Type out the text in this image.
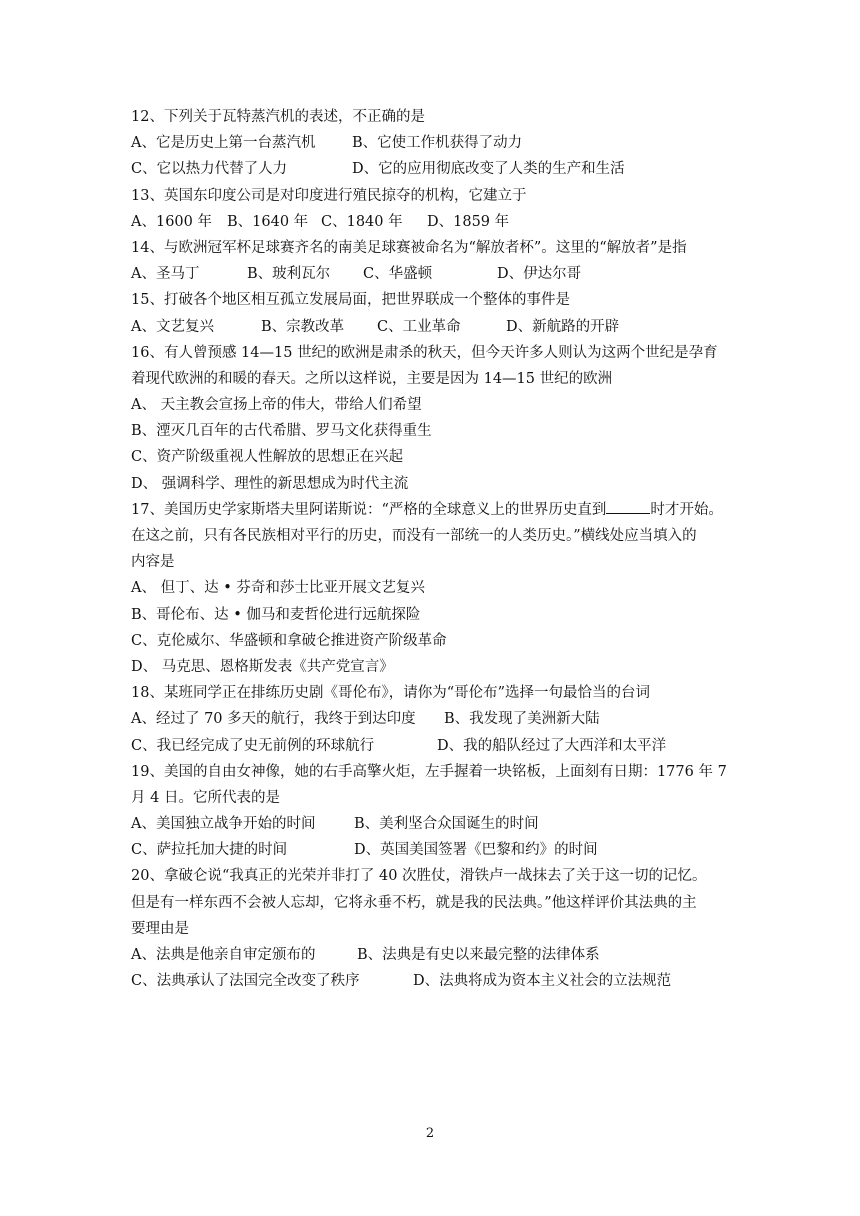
12、下列关于瓦特蒸汽机的表述，不正确的是
A、它是历史上第一台蒸汽机	B、它使工作机获得了动力
C、它以热力代替了人力	D、它的应用彻底改变了人类的生产和生活
13、英国东印度公司是对印度进行殖民掠夺的机构，它建立于
A、1600 年	B、1640 年 C、1840 年	D、1859 年
14、与欧洲冠军杯足球赛齐名的南美足球赛被命名为“解放者杯”。这里的“解放者”是指
A、圣马丁	B、玻利瓦尔	C、华盛顿	D、伊达尔哥
15、打破各个地区相互孤立发展局面，把世界联成一个整体的事件是
A、文艺复兴	B、宗教改革	C、工业革命	D、新航路的开辟
16、有人曾预感 14—15 世纪的欧洲是肃杀的秋天，但今天许多人则认为这两个世纪是孕育
着现代欧洲的和暖的春天。之所以这样说，主要是因为 14—15 世纪的欧洲
A、 天主教会宣扬上帝的伟大，带给人们希望
B、湮灭几百年的古代希腊、罗马文化获得重生
C、资产阶级重视人性解放的思想正在兴起
D、 强调科学、理性的新思想成为时代主流
17、美国历史学家斯塔夫里阿诺斯说：“严格的全球意义上的世界历史直到	时才开始。
在这之前，只有各民族相对平行的历史，而没有一部统一的人类历史。”横线处应当填入的
内容是
A、 但丁、达 • 芬奇和莎士比亚开展文艺复兴
B、哥伦布、达 • 伽马和麦哲伦进行远航探险
C、克伦威尔、华盛顿和拿破仑推进资产阶级革命
D、 马克思、恩格斯发表《共产党宣言》
18、某班同学正在排练历史剧《哥伦布》，请你为“哥伦布”选择一句最恰当的台词
A、经过了 70 多天的航行，我终于到达印度	B、我发现了美洲新大陆
C、我已经完成了史无前例的环球航行	D、我的船队经过了大西洋和太平洋
19、美国的自由女神像，她的右手高擎火炬，左手握着一块铭板，上面刻有日期：1776 年 7
月 4 日。它所代表的是
A、美国独立战争开始的时间	B、美利坚合众国诞生的时间
C、萨拉托加大捷的时间	D、英国美国签署《巴黎和约》的时间
20、拿破仑说“我真正的光荣并非打了 40 次胜仗，滑铁卢一战抹去了关于这一切的记忆。
但是有一样东西不会被人忘却，它将永垂不朽，就是我的民法典。”他这样评价其法典的主
要理由是
A、法典是他亲自审定颁布的	B、法典是有史以来最完整的法律体系
C、法典承认了法国完全改变了秩序	D、法典将成为资本主义社会的立法规范
2
